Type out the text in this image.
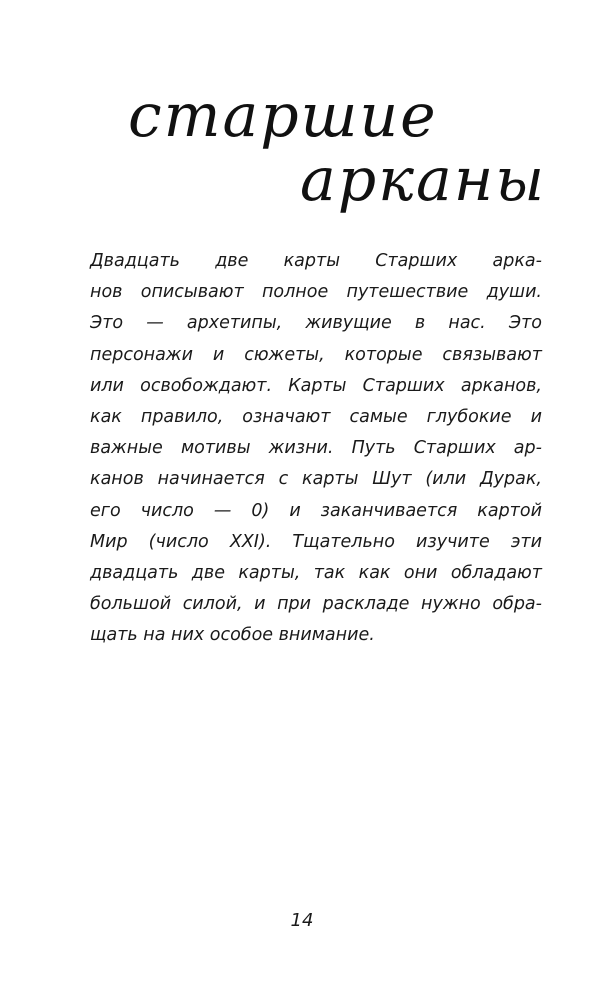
старшие
арканы
Двадцать две карты Старших арка-
нов описывают полное путешествие души.
Это — архетипы, живущие в нас. Это
персонажи и сюжеты, которые связывают
или освобождают. Карты Старших арканов,
как правило, означают самые глубокие и
важные мотивы жизни. Путь Старших ар-
канов начинается с карты Шут (или Дурак,
его число — 0) и заканчивается картой
Мир (число XXI). Тщательно изучите эти
двадцать две карты, так как они обладают
большой силой, и при раскладе нужно обра-
щать на них особое внимание.
14
